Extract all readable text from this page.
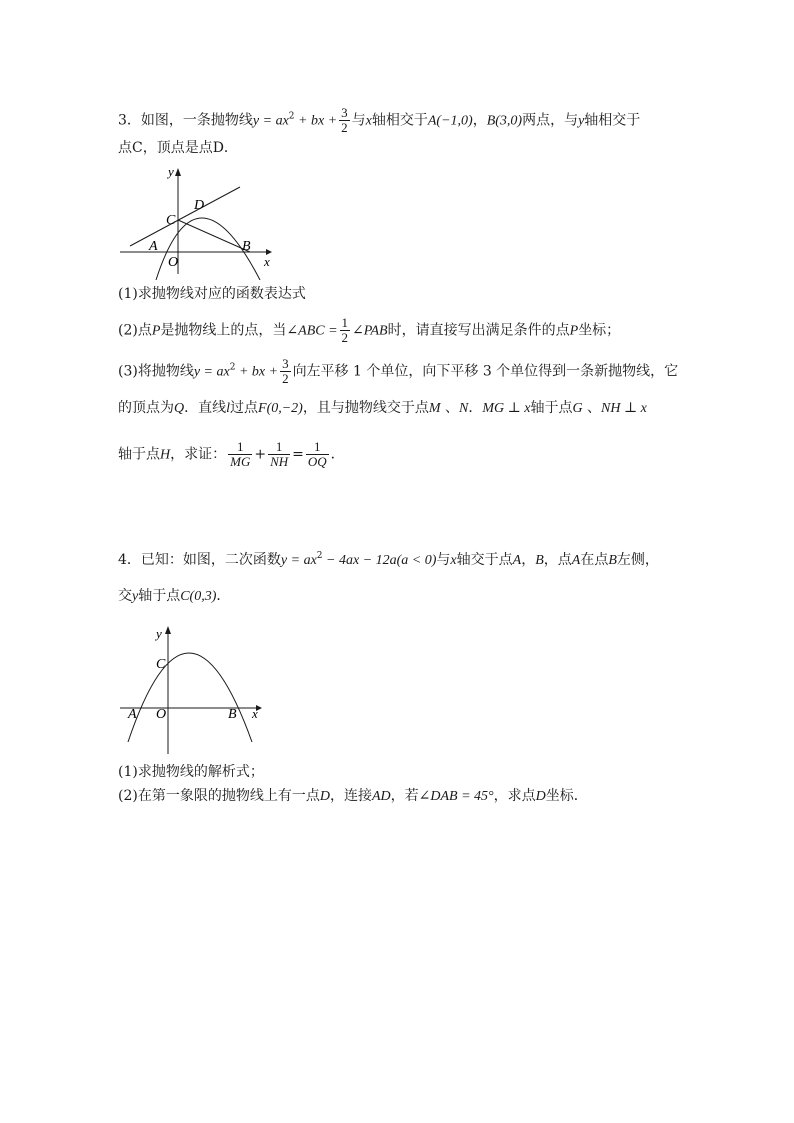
3．如图，一条抛物线$y = ax^2$ + bx + $\frac{3}{2}$ 与x轴相交于A(−1,0)，B(3,0)两点，与y轴相交于
点C，顶点是点D．
y
x
C
D
A	B
O
(1)求抛物线对应的函数表达式
(2)点P是抛物线上的点，当∠ABC = $\frac{1}{2}$ ∠PAB时，请直接写出满足条件的点P坐标；
(3)将抛物线$y = ax^2$ + bx + $\frac{3}{2}$ 向左平移 1 个单位，向下平移 3 个单位得到一条新抛物线，它
的顶点为Q．直线l过点F(0,−2)，且与抛物线交于点M 、N．MG ⊥ x轴于点G 、NH ⊥ x
轴于点H，求证： $\frac{1}{MG} + \frac{1}{NH} = \frac{1}{OQ}$ ．
4．已知：如图，二次函数$y = ax^2 - 4ax - 12a(a < 0)$与x轴交于点A，B，点A在点B左侧，
交y轴于点C(0,3)．
y
x
C
A	B
O
(1)求抛物线的解析式；
(2)在第一象限的抛物线上有一点D，连接AD，若∠DAB = 45°，求点D坐标．
